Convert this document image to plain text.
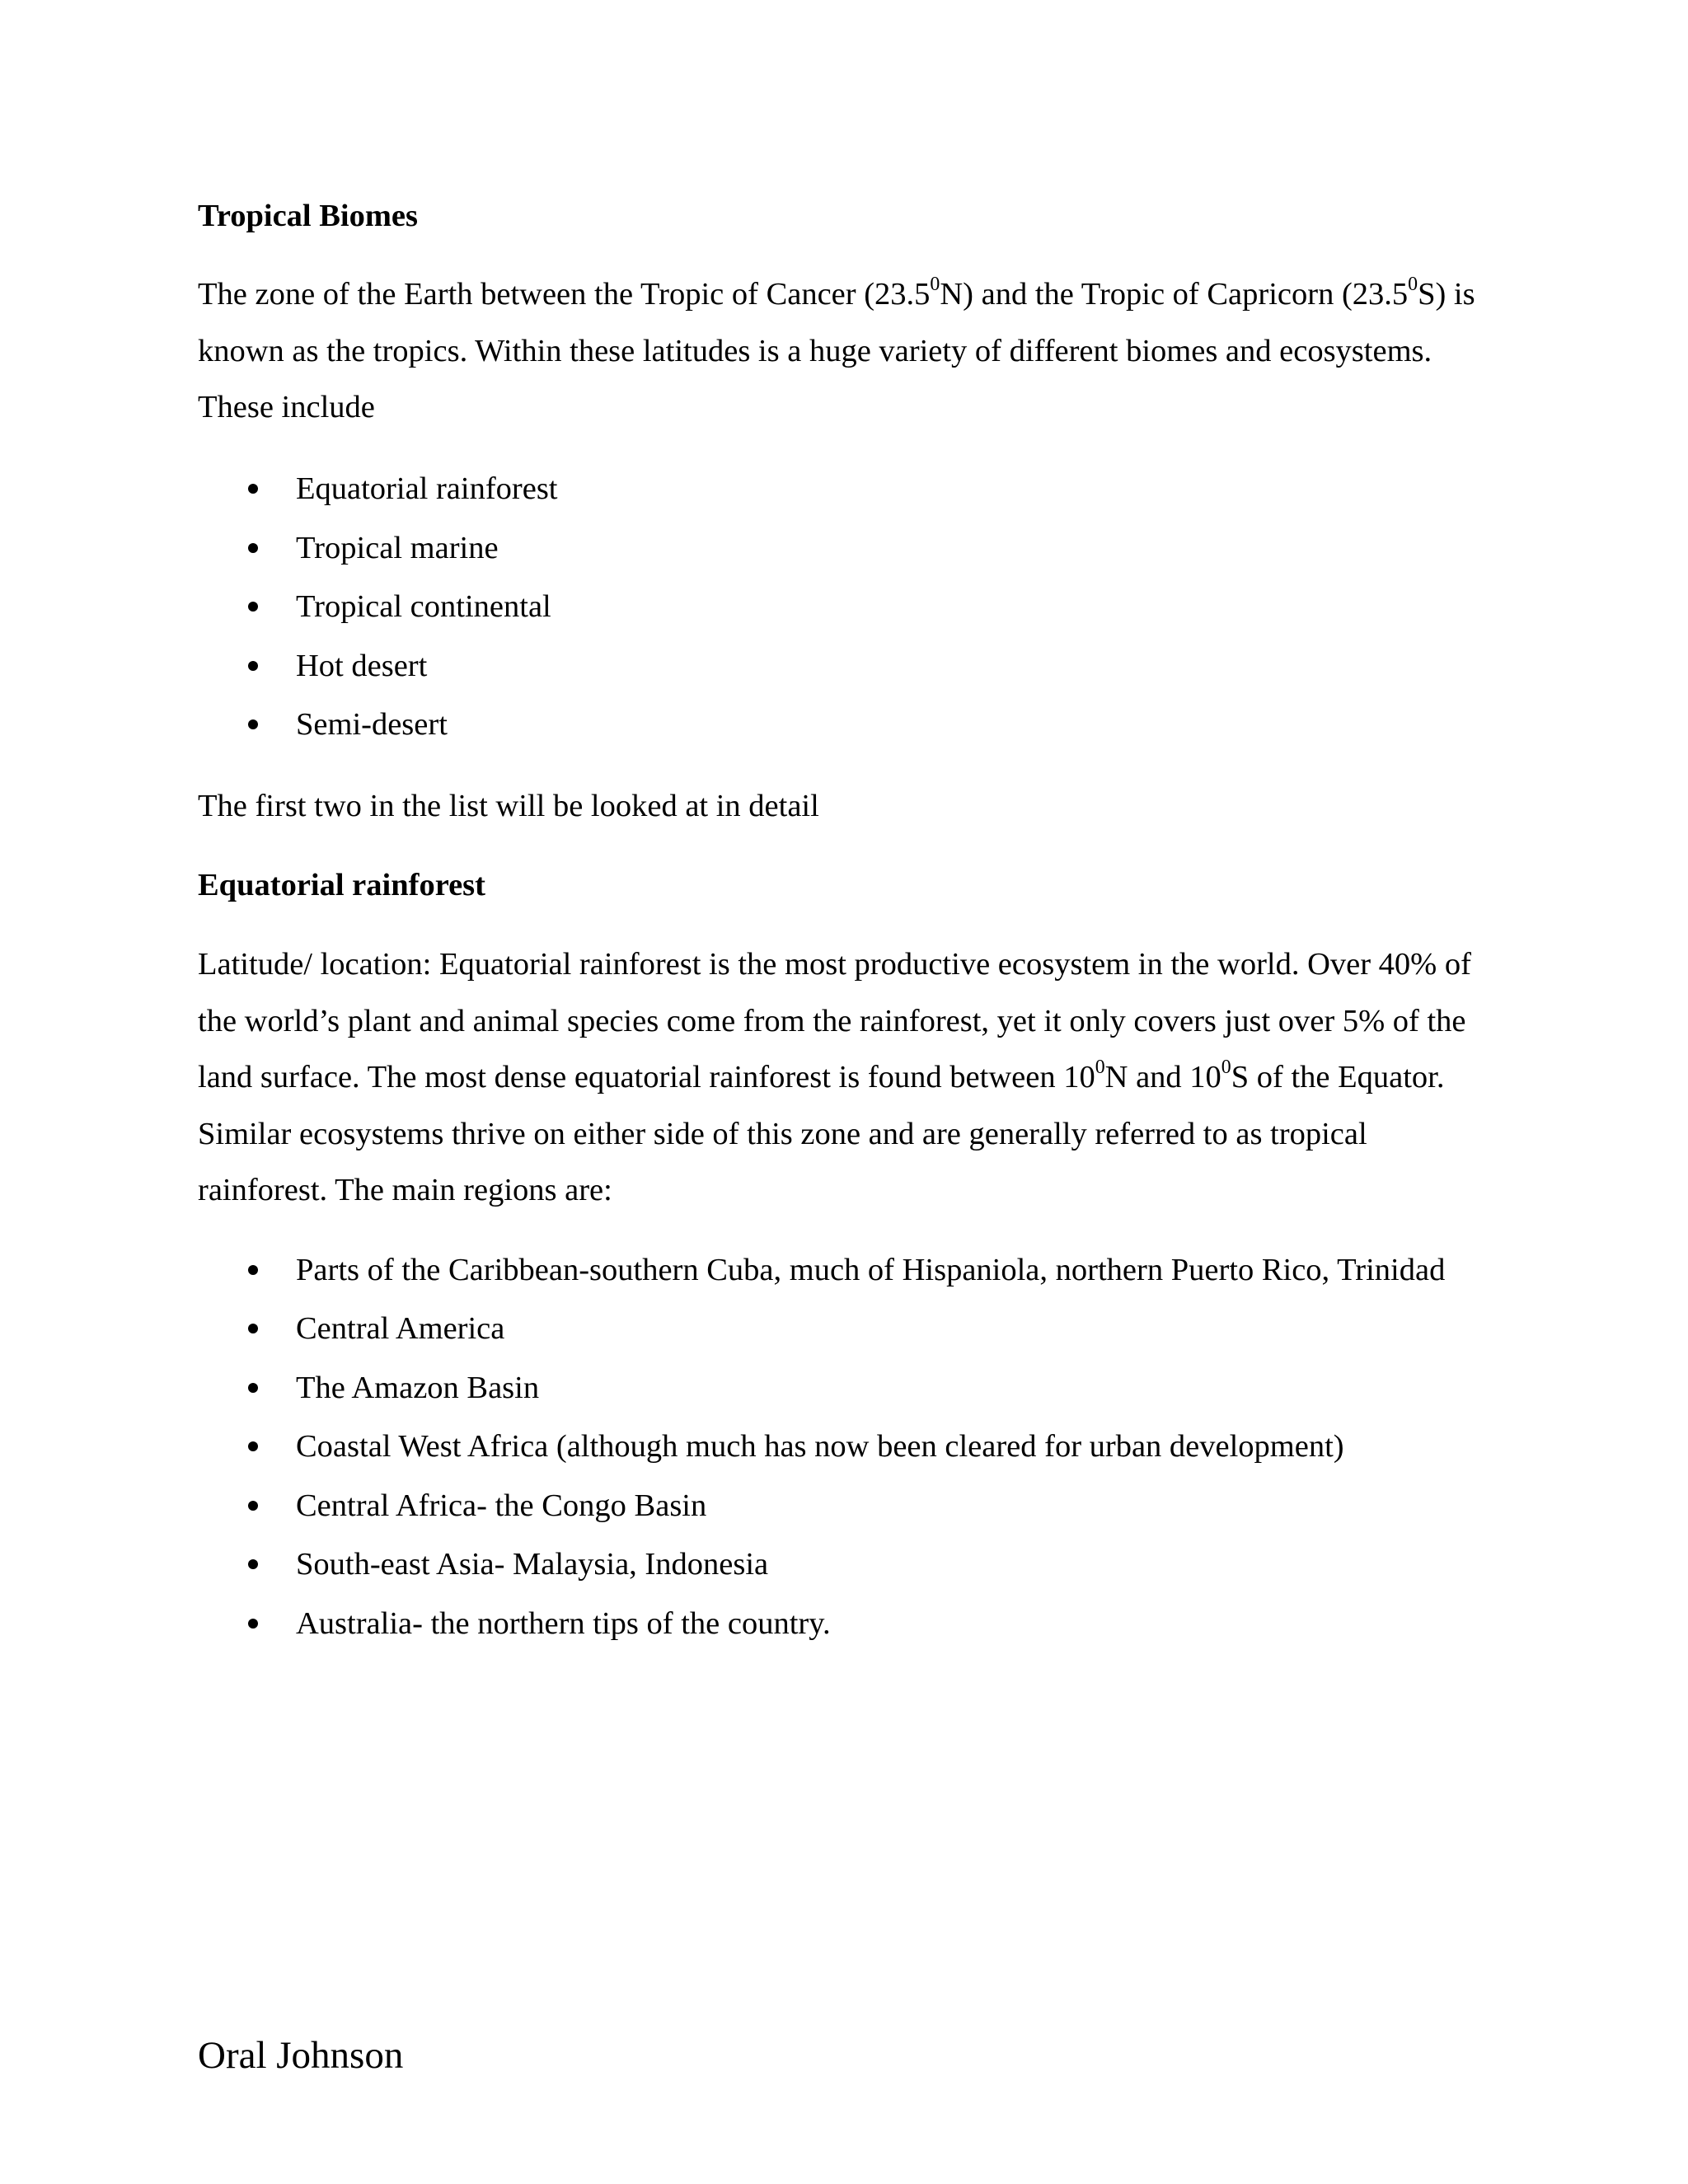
Tropical Biomes

The zone of the Earth between the Tropic of Cancer (23.5$^0$N) and the Tropic of Capricorn (23.5$^0$S) is known as the tropics. Within these latitudes is a huge variety of different biomes and ecosystems. These include

Equatorial rainforest
Tropical marine
Tropical continental
Hot desert
Semi-desert

The first two in the list will be looked at in detail

Equatorial rainforest

Latitude/ location: Equatorial rainforest is the most productive ecosystem in the world. Over 40% of the world’s plant and animal species come from the rainforest, yet it only covers just over 5% of the land surface. The most dense equatorial rainforest is found between $10^0N$ and $10^0S$ of the Equator. Similar ecosystems thrive on either side of this zone and are generally referred to as tropical rainforest. The main regions are:

Parts of the Caribbean-southern Cuba, much of Hispaniola, northern Puerto Rico, Trinidad
Central America
The Amazon Basin
Coastal West Africa (although much has now been cleared for urban development)
Central Africa- the Congo Basin
South-east Asia- Malaysia, Indonesia
Australia- the northern tips of the country.

Oral Johnson
